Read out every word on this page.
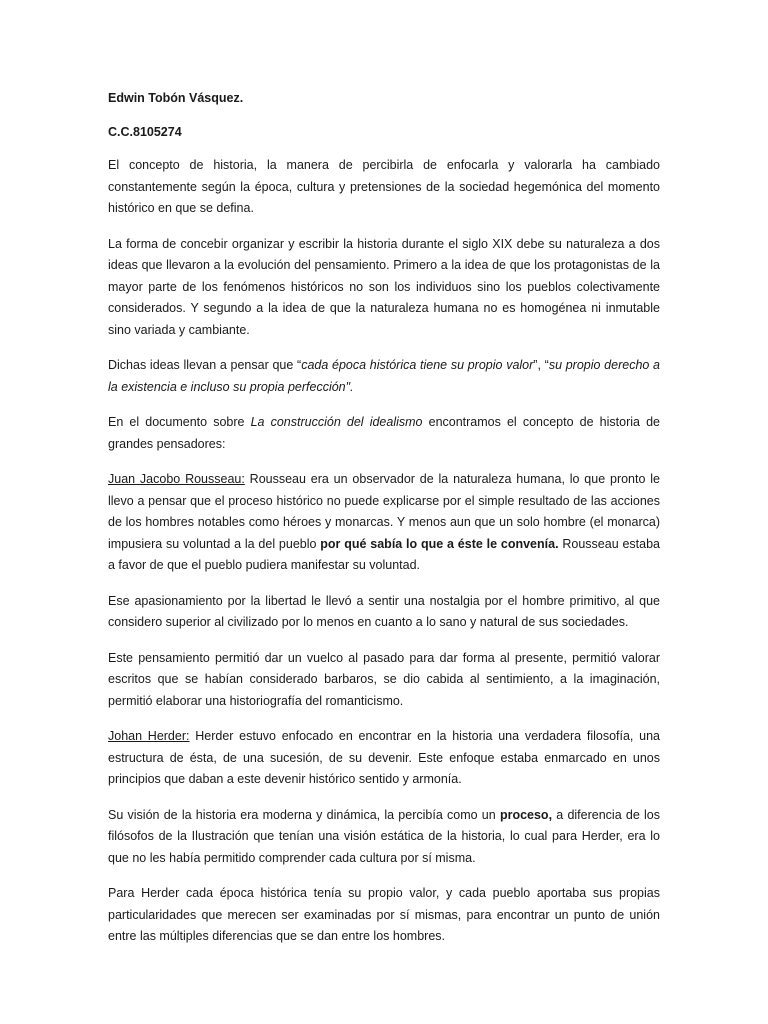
Edwin Tobón Vásquez.

C.C.8105274

El concepto de historia, la manera de percibirla de enfocarla y valorarla ha cambiado constantemente según la época, cultura y pretensiones de la sociedad hegemónica del momento histórico en que se defina.

La forma de concebir organizar y escribir la historia durante el siglo XIX debe su naturaleza a dos ideas que llevaron a la evolución del pensamiento. Primero a la idea de que los protagonistas de la mayor parte de los fenómenos históricos no son los individuos sino los pueblos colectivamente considerados. Y segundo a la idea de que la naturaleza humana no es homogénea ni inmutable sino variada y cambiante.

Dichas ideas llevan a pensar que “cada época histórica tiene su propio valor”, “su propio derecho a la existencia e incluso su propia perfección".

En el documento sobre La construcción del idealismo encontramos el concepto de historia de grandes pensadores:

Juan Jacobo Rousseau: Rousseau era un observador de la naturaleza humana, lo que pronto le llevo a pensar que el proceso histórico no puede explicarse por el simple resultado de las acciones de los hombres notables como héroes y monarcas. Y menos aun que un solo hombre (el monarca) impusiera su voluntad a la del pueblo por qué sabía lo que a éste le convenía. Rousseau estaba a favor de que el pueblo pudiera manifestar su voluntad.

Ese apasionamiento por la libertad le llevó a sentir una nostalgia por el hombre primitivo, al que considero superior al civilizado por lo menos en cuanto a lo sano y natural de sus sociedades.

Este pensamiento permitió dar un vuelco al pasado para dar forma al presente, permitió valorar escritos que se habían considerado barbaros, se dio cabida al sentimiento, a la imaginación, permitió elaborar una historiografía del romanticismo.

Johan Herder: Herder estuvo enfocado en encontrar en la historia una verdadera filosofía, una estructura de ésta, de una sucesión, de su devenir. Este enfoque estaba enmarcado en unos principios que daban a este devenir histórico sentido y armonía.

Su visión de la historia era moderna y dinámica, la percibía como un proceso, a diferencia de los filósofos de la Ilustración que tenían una visión estática de la historia, lo cual para Herder, era lo que no les había permitido comprender cada cultura por sí misma.

Para Herder cada época histórica tenía su propio valor, y cada pueblo aportaba sus propias particularidades que merecen ser examinadas por sí mismas, para encontrar un punto de unión entre las múltiples diferencias que se dan entre los hombres.
